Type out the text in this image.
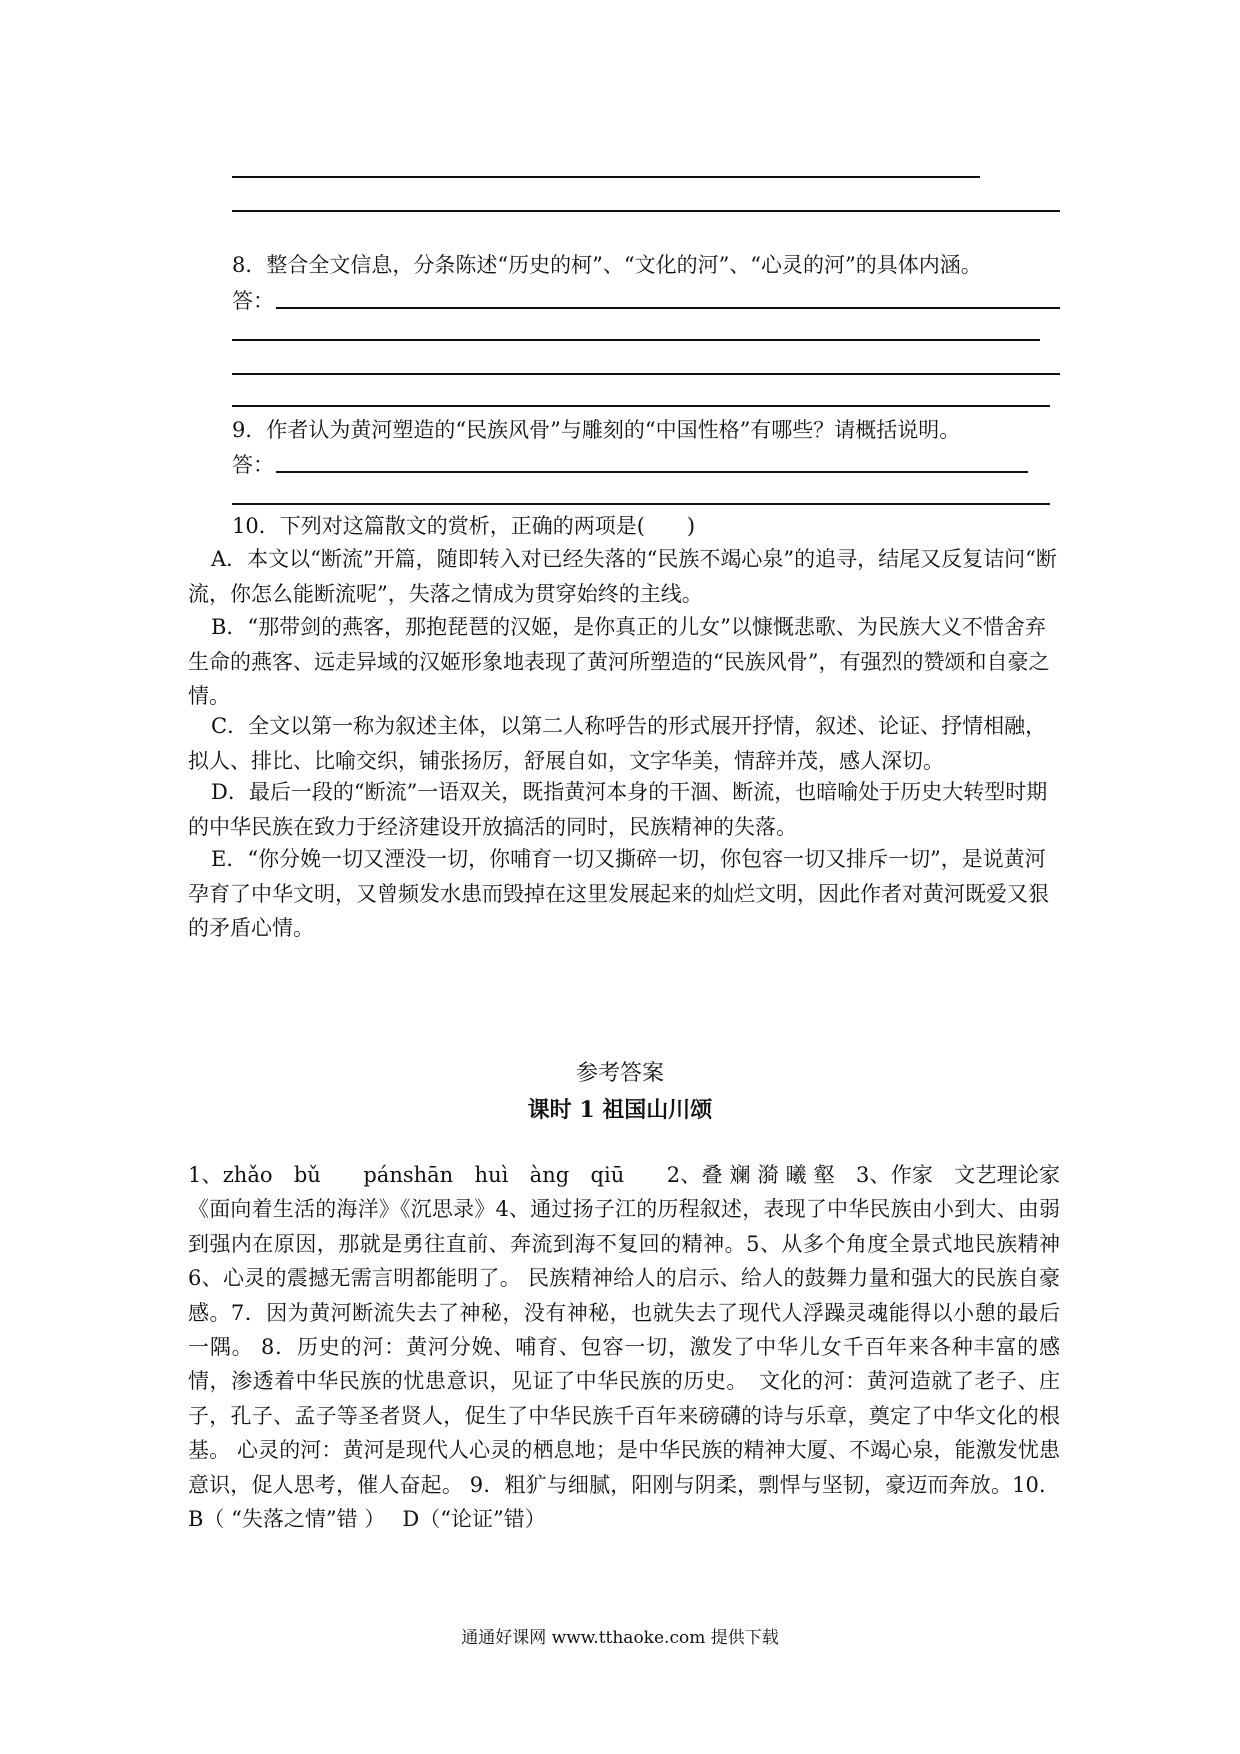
8．整合全文信息，分条陈述“历史的柯”、“文化的河”、“心灵的河”的具体内涵。
答：
9．作者认为黄河塑造的“民族风骨”与雕刻的“中国性格”有哪些？请概括说明。
答：
10．下列对这篇散文的赏析，正确的两项是(　　)
A．本文以“断流”开篇，随即转入对已经失落的“民族不竭心泉”的追寻，结尾又反复诘问“断流，你怎么能断流呢”，失落之情成为贯穿始终的主线。
B．“那带剑的燕客，那抱琵琶的汉姬，是你真正的儿女”以慷慨悲歌、为民族大义不惜舍弃生命的燕客、远走异域的汉姬形象地表现了黄河所塑造的“民族风骨”，有强烈的赞颂和自豪之情。
C．全文以第一称为叙述主体，以第二人称呼告的形式展开抒情，叙述、论证、抒情相融，拟人、排比、比喻交织，铺张扬厉，舒展自如，文字华美，情辞并茂，感人深切。
D．最后一段的“断流”一语双关，既指黄河本身的干涸、断流，也暗喻处于历史大转型时期的中华民族在致力于经济建设开放搞活的同时，民族精神的失落。
E．“你分娩一切又湮没一切，你哺育一切又撕碎一切，你包容一切又排斥一切”，是说黄河孕育了中华文明，又曾频发水患而毁掉在这里发展起来的灿烂文明，因此作者对黄河既爱又狠的矛盾心情。
参考答案
课时 1 祖国山川颂
1、zhǎo　bǔ　　pánshān　huì　àng　qiū　　2、叠 斓 漪 曦 壑　3、作家　文艺理论家　《面向着生活的海洋》《沉思录》4、通过扬子江的历程叙述，表现了中华民族由小到大、由弱到强内在原因，那就是勇往直前、奔流到海不复回的精神。5、从多个角度全景式地民族精神 6、心灵的震撼无需言明都能明了。 民族精神给人的启示、给人的鼓舞力量和强大的民族自豪感。7．因为黄河断流失去了神秘，没有神秘，也就失去了现代人浮躁灵魂能得以小憩的最后一隅。 8．历史的河：黄河分娩、哺育、包容一切，激发了中华儿女千百年来各种丰富的感情，渗透着中华民族的忧患意识，见证了中华民族的历史。　文化的河：黄河造就了老子、庄子，孔子、孟子等圣者贤人，促生了中华民族千百年来磅礴的诗与乐章，奠定了中华文化的根基。 心灵的河：黄河是现代人心灵的栖息地；是中华民族的精神大厦、不竭心泉，能激发忧患意识，促人思考，催人奋起。 9．粗犷与细腻，阳刚与阴柔，剽悍与坚韧，豪迈而奔放。10．B（ “失落之情”错 ）　 D（“论证”错）
通通好课网 www.tthaoke.com 提供下载
